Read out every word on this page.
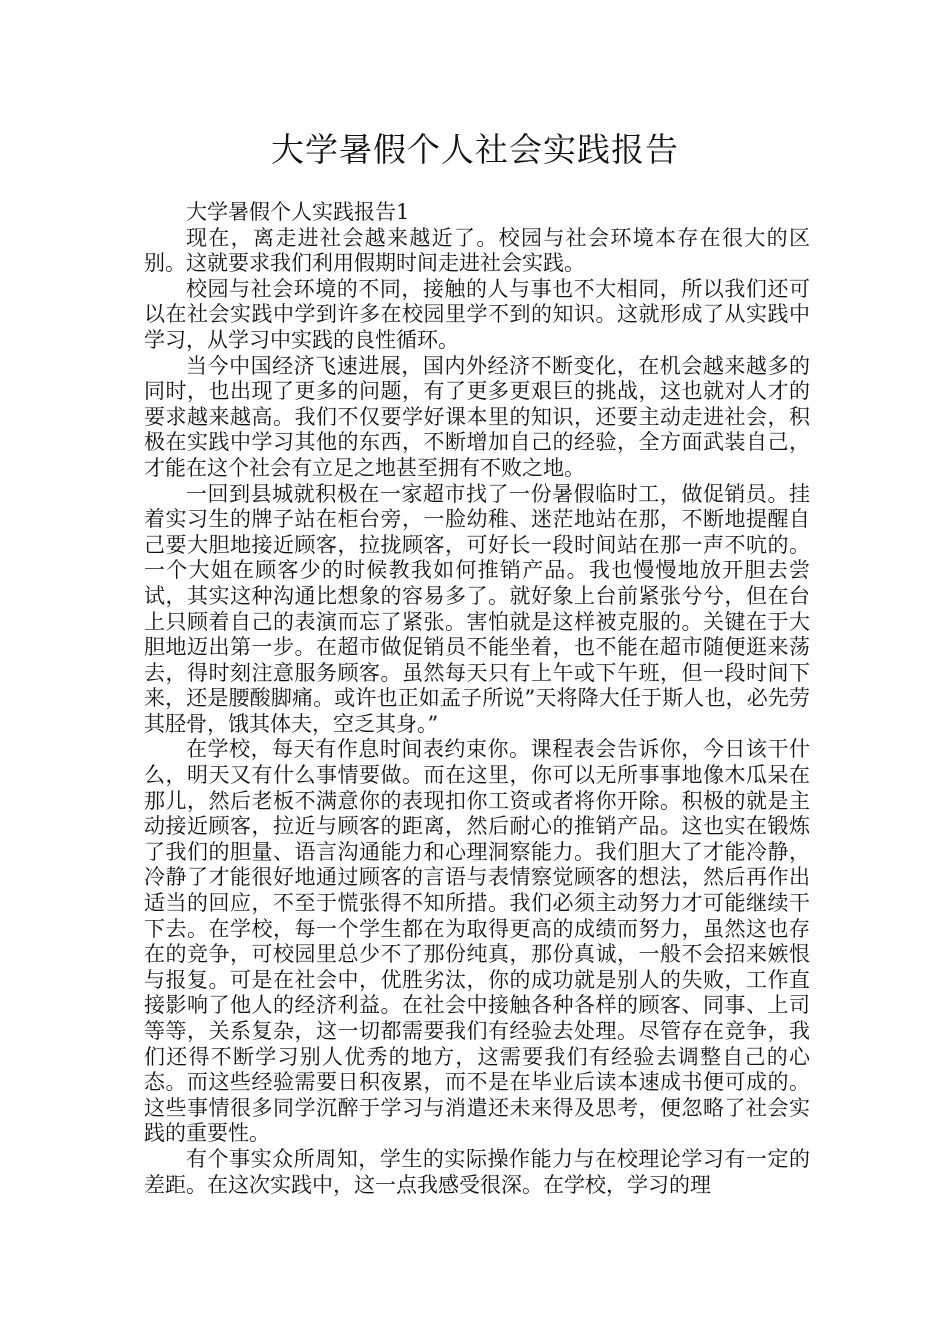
大学暑假个人社会实践报告

大学暑假个人实践报告1

现在，离走进社会越来越近了。校园与社会环境本存在很大的区别。这就要求我们利用假期时间走进社会实践。

校园与社会环境的不同，接触的人与事也不大相同，所以我们还可以在社会实践中学到许多在校园里学不到的知识。这就形成了从实践中学习，从学习中实践的良性循环。

当今中国经济飞速进展，国内外经济不断变化，在机会越来越多的同时，也出现了更多的问题，有了更多更艰巨的挑战，这也就对人才的要求越来越高。我们不仅要学好课本里的知识，还要主动走进社会，积极在实践中学习其他的东西，不断增加自己的经验，全方面武装自己，才能在这个社会有立足之地甚至拥有不败之地。

一回到县城就积极在一家超市找了一份暑假临时工，做促销员。挂着实习生的牌子站在柜台旁，一脸幼稚、迷茫地站在那，不断地提醒自己要大胆地接近顾客，拉拢顾客，可好长一段时间站在那一声不吭的。一个大姐在顾客少的时候教我如何推销产品。我也慢慢地放开胆去尝试，其实这种沟通比想象的容易多了。就好象上台前紧张兮兮，但在台上只顾着自己的表演而忘了紧张。害怕就是这样被克服的。关键在于大胆地迈出第一步。在超市做促销员不能坐着，也不能在超市随便逛来荡去，得时刻注意服务顾客。虽然每天只有上午或下午班，但一段时间下来，还是腰酸脚痛。或许也正如孟子所说”天将降大任于斯人也，必先劳其胫骨，饿其体夫，空乏其身。”

在学校，每天有作息时间表约束你。课程表会告诉你，今日该干什么，明天又有什么事情要做。而在这里，你可以无所事事地像木瓜呆在那儿，然后老板不满意你的表现扣你工资或者将你开除。积极的就是主动接近顾客，拉近与顾客的距离，然后耐心的推销产品。这也实在锻炼了我们的胆量、语言沟通能力和心理洞察能力。我们胆大了才能冷静，冷静了才能很好地通过顾客的言语与表情察觉顾客的想法，然后再作出适当的回应，不至于慌张得不知所措。我们必须主动努力才可能继续干下去。在学校，每一个学生都在为取得更高的成绩而努力，虽然这也存在的竞争，可校园里总少不了那份纯真，那份真诚，一般不会招来嫉恨与报复。可是在社会中，优胜劣汰，你的成功就是别人的失败，工作直接影响了他人的经济利益。在社会中接触各种各样的顾客、同事、上司等等，关系复杂，这一切都需要我们有经验去处理。尽管存在竞争，我们还得不断学习别人优秀的地方，这需要我们有经验去调整自己的心态。而这些经验需要日积夜累，而不是在毕业后读本速成书便可成的。这些事情很多同学沉醉于学习与消遣还未来得及思考，便忽略了社会实践的重要性。

有个事实众所周知，学生的实际操作能力与在校理论学习有一定的差距。在这次实践中，这一点我感受很深。在学校，学习的理
